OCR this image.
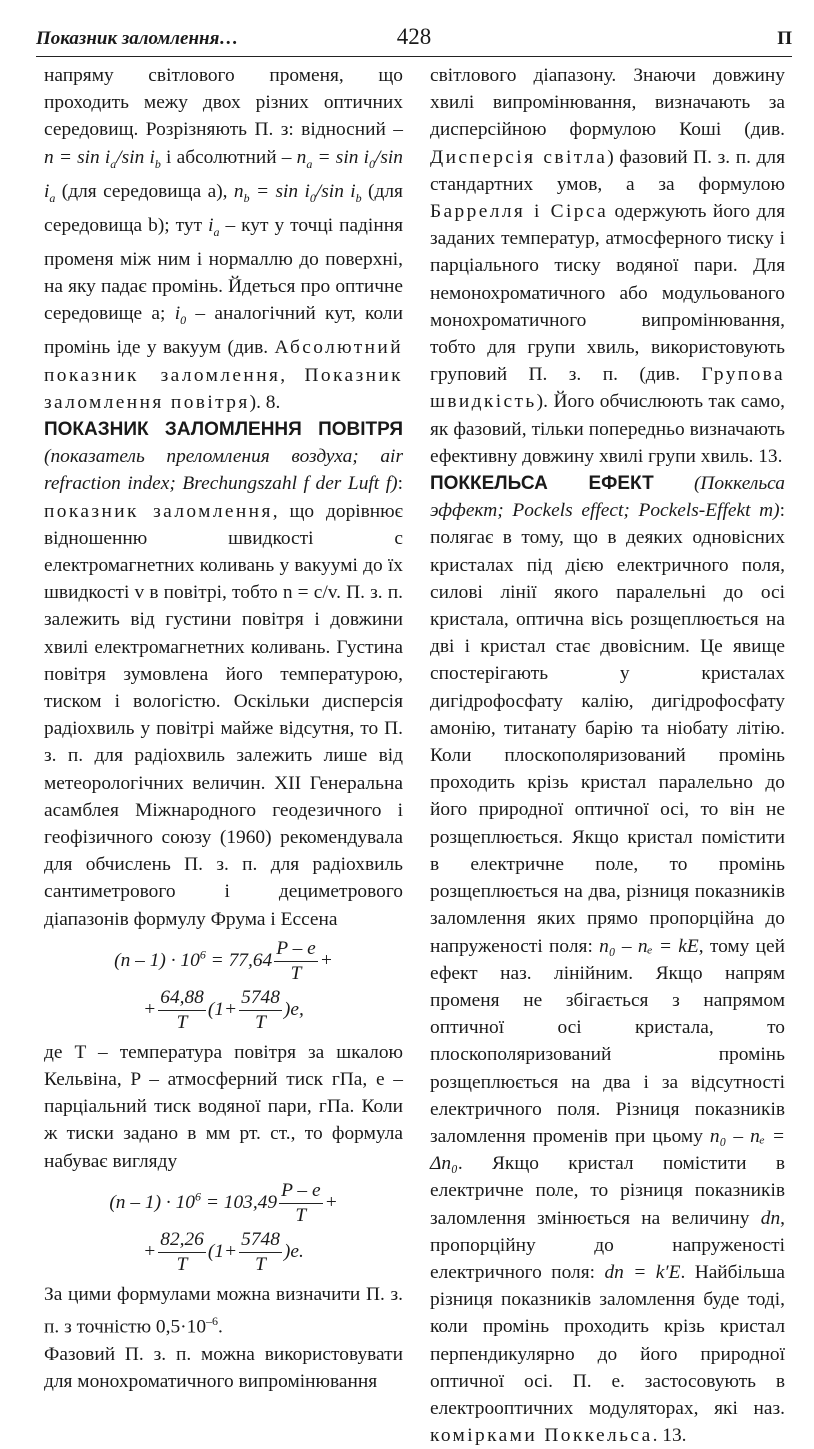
Показник заломлення…	428	П

напряму світлового променя, що проходить межу двох різних оптичних середовищ. Розрізняють П. з: відносний – $n = \sin i_a/\sin$ $i_b$ і абсолютний – $n_a = \sin i_0/\sin$ $i_a$ (для середовища a), $n_b = \sin i_0/\sin$ $i_b$ (для середовища b); тут $i_a$ – кут у точці падіння променя між ним і нормаллю до поверхні, на яку падає промінь. Йдеться про оптичне середовище a; $i_0$ – аналогічний кут, коли промінь іде у вакуум (див. Абсолютний показник заломлення, Показник заломлення повітря). 8.

ПОКАЗНИК ЗАЛОМЛЕННЯ ПОВІТРЯ (показатель преломления воздуха; air refraction index; Brechungszahl f der Luft f): показник заломлення, що дорівнює відношенню швидкості c електромагнетних коливань у вакуумі до їх швидкості v в повітрі, тобто n = c/v. П. з. п. залежить від густини повітря і довжини хвилі електромагнетних коливань. Густина повітря зумовлена його температурою, тиском і вологістю. Оскільки дисперсія радіохвиль у повітрі майже відсутня, то П. з. п. для радіохвиль залежить лише від метеорологічних величин. XII Генеральна асамблея Міжнародного геодезичного і геофізичного союзу (1960) рекомендувала для обчислень П. з. п. для радіохвиль сантиметрового і дециметрового діапазонів формулу Фрума і Ессена

$(n - 1) \cdot 10^6 = 77,64 \frac{P - e}{T}$ +
+ $\frac{64,88}{T} (1+ \frac{5748}{T} )e$,

де T – температура повітря за шкалою Кельвіна, P – атмосферний тиск гПа, e – парціальний тиск водяної пари, гПа. Коли ж тиски задано в мм рт. ст., то формула набуває вигляду

$(n - 1) \cdot 10^6 = 103,49 \frac{P - e}{T}$ +
+ $\frac{82,26}{T} (1+ \frac{5748}{T} )e$.

За цими формулами можна визначити П. з. п. з точністю $0,5\cdot 10^{-6}$.

Фазовий П. з. п. можна використовувати для монохроматичного випромінювання

світлового діапазону. Знаючи довжину хвилі випромінювання, визначають за дисперсійною формулою Коші (див. Дисперсія світла) фазовий П. з. п. для стандартних умов, а за формулою Баррелля і Сірса одержують його для заданих температур, атмосферного тиску і парціального тиску водяної пари. Для немонохроматичного або модульованого монохроматичного випромінювання, тобто для групи хвиль, використовують груповий П. з. п. (див. Групова швидкість). Його обчислюють так само, як фазовий, тільки попередньо визначають ефективну довжину хвилі групи хвиль. 13.

ПОККЕЛЬСА ЕФЕКТ (Поккельса эффект; Pockels effect; Pockels-Effekt m): полягає в тому, що в деяких одновісних кристалах під дією електричного поля, силові лінії якого паралельні до осі кристала, оптична вісь розщеплюється на дві і кристал стає двовісним. Це явище спостерігають у кристалах дигідрофосфату калію, дигідрофосфату амонію, титанату барію та ніобату літію. Коли плоскополяризований промінь проходить крізь кристал паралельно до його природної оптичної осі, то він не розщеплюється. Якщо кристал помістити в електричне поле, то промінь розщеплюється на два, різниця показників заломлення яких прямо пропорційна до напруженості поля: n₀ – nₑ = kE, тому цей ефект наз. лінійним. Якщо напрям променя не збігається з напрямом оптичної осі кристала, то плоскополяризований промінь розщеплюється на два і за відсутності електричного поля. Різниця показників заломлення променів при цьому n₀ – nₑ = Δn₀. Якщо кристал помістити в електричне поле, то різниця показників заломлення змінюється на величину dn, пропорційну до напруженості електричного поля: dn = k′E. Найбільша різниця показників заломлення буде тоді, коли промінь проходить крізь кристал перпендикулярно до його природної оптичної осі. П. е. застосовують в електрооптичних модуляторах, які наз. комірками Поккельса. 13.
